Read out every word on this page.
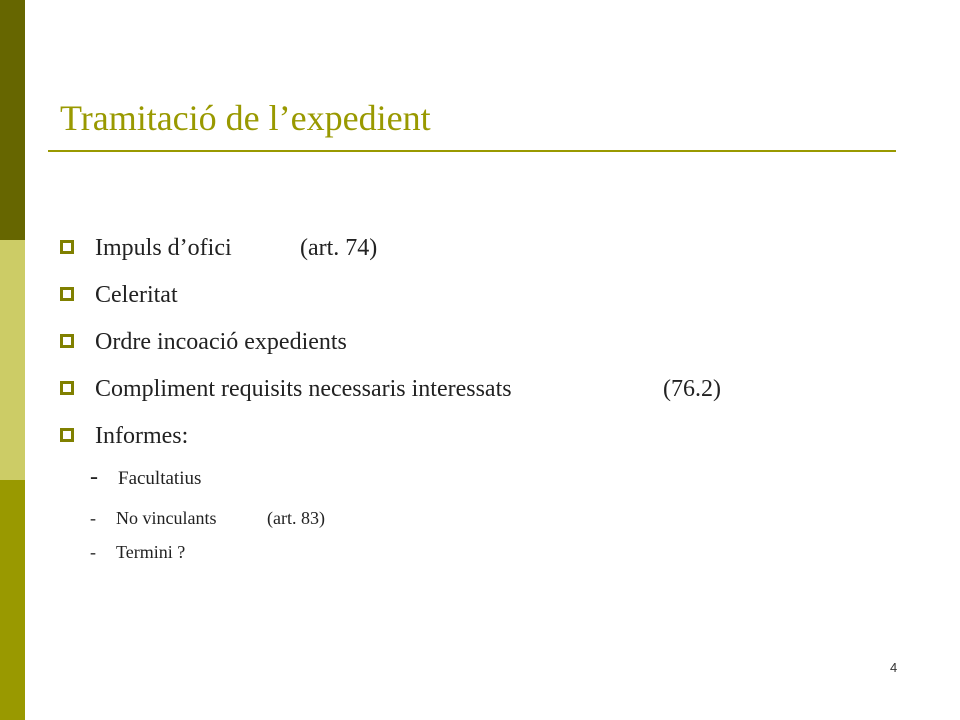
Tramitació de l’expedient
Impuls d’ofici	(art. 74)
Celeritat
Ordre incoació expedients
Compliment requisits necessaris interessats	(76.2)
Informes:
- Facultatius
- No vinculants	(art. 83)
- Termini ?
4
